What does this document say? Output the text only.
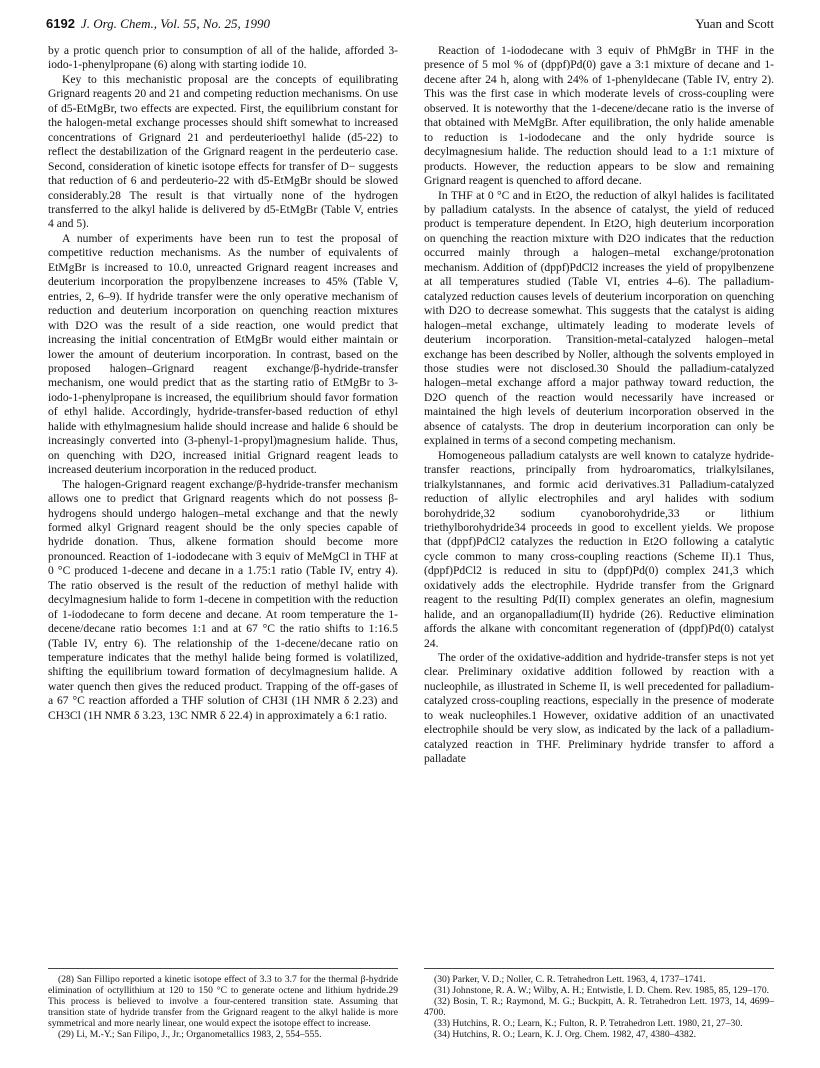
6192 J. Org. Chem., Vol. 55, No. 25, 1990	Yuan and Scott

by a protic quench prior to consumption of all of the halide, afforded 3-iodo-1-phenylpropane (6) along with starting iodide 10.

Key to this mechanistic proposal are the concepts of equilibrating Grignard reagents 20 and 21 and competing reduction mechanisms. On use of d5-EtMgBr, two effects are expected. First, the equilibrium constant for the halogen-metal exchange processes should shift somewhat to increased concentrations of Grignard 21 and perdeuterioethyl halide (d5-22) to reflect the destabilization of the Grignard reagent in the perdeuterio case. Second, consideration of kinetic isotope effects for transfer of D− suggests that reduction of 6 and perdeuterio-22 with d5-EtMgBr should be slowed considerably.28 The result is that virtually none of the hydrogen transferred to the alkyl halide is delivered by d5-EtMgBr (Table V, entries 4 and 5).

A number of experiments have been run to test the proposal of competitive reduction mechanisms. As the number of equivalents of EtMgBr is increased to 10.0, unreacted Grignard reagent increases and deuterium incorporation the propylbenzene increases to 45% (Table V, entries, 2, 6–9). If hydride transfer were the only operative mechanism of reduction and deuterium incorporation on quenching reaction mixtures with D2O was the result of a side reaction, one would predict that increasing the initial concentration of EtMgBr would either maintain or lower the amount of deuterium incorporation. In contrast, based on the proposed halogen–Grignard reagent exchange/β-hydride-transfer mechanism, one would predict that as the starting ratio of EtMgBr to 3-iodo-1-phenylpropane is increased, the equilibrium should favor formation of ethyl halide. Accordingly, hydride-transfer-based reduction of ethyl halide with ethylmagnesium halide should increase and halide 6 should be increasingly converted into (3-phenyl-1-propyl)magnesium halide. Thus, on quenching with D2O, increased initial Grignard reagent leads to increased deuterium incorporation in the reduced product.

The halogen-Grignard reagent exchange/β-hydride-transfer mechanism allows one to predict that Grignard reagents which do not possess β-hydrogens should undergo halogen–metal exchange and that the newly formed alkyl Grignard reagent should be the only species capable of hydride donation. Thus, alkene formation should become more pronounced. Reaction of 1-iododecane with 3 equiv of MeMgCl in THF at 0 °C produced 1-decene and decane in a 1.75:1 ratio (Table IV, entry 4). The ratio observed is the result of the reduction of methyl halide with decylmagnesium halide to form 1-decene in competition with the reduction of 1-iododecane to form decene and decane. At room temperature the 1-decene/decane ratio becomes 1:1 and at 67 °C the ratio shifts to 1:16.5 (Table IV, entry 6). The relationship of the 1-decene/decane ratio on temperature indicates that the methyl halide being formed is volatilized, shifting the equilibrium toward formation of decylmagnesium halide. A water quench then gives the reduced product. Trapping of the off-gases of a 67 °C reaction afforded a THF solution of CH3I (1H NMR δ 2.23) and CH3Cl (1H NMR δ 3.23, 13C NMR δ 22.4) in approximately a 6:1 ratio.

Reaction of 1-iododecane with 3 equiv of PhMgBr in THF in the presence of 5 mol % of (dppf)Pd(0) gave a 3:1 mixture of decane and 1-decene after 24 h, along with 24% of 1-phenyldecane (Table IV, entry 2). This was the first case in which moderate levels of cross-coupling were observed. It is noteworthy that the 1-decene/decane ratio is the inverse of that obtained with MeMgBr. After equilibration, the only halide amenable to reduction is 1-iododecane and the only hydride source is decylmagnesium halide. The reduction should lead to a 1:1 mixture of products. However, the reduction appears to be slow and remaining Grignard reagent is quenched to afford decane.

In THF at 0 °C and in Et2O, the reduction of alkyl halides is facilitated by palladium catalysts. In the absence of catalyst, the yield of reduced product is temperature dependent. In Et2O, high deuterium incorporation on quenching the reaction mixture with D2O indicates that the reduction occurred mainly through a halogen–metal exchange/protonation mechanism. Addition of (dppf)PdCl2 increases the yield of propylbenzene at all temperatures studied (Table VI, entries 4–6). The palladium-catalyzed reduction causes levels of deuterium incorporation on quenching with D2O to decrease somewhat. This suggests that the catalyst is aiding halogen–metal exchange, ultimately leading to moderate levels of deuterium incorporation. Transition-metal-catalyzed halogen–metal exchange has been described by Noller, although the solvents employed in those studies were not disclosed.30 Should the palladium-catalyzed halogen–metal exchange afford a major pathway toward reduction, the D2O quench of the reaction would necessarily have increased or maintained the high levels of deuterium incorporation observed in the absence of catalysts. The drop in deuterium incorporation can only be explained in terms of a second competing mechanism.

Homogeneous palladium catalysts are well known to catalyze hydride-transfer reactions, principally from hydroaromatics, trialkylsilanes, trialkylstannanes, and formic acid derivatives.31 Palladium-catalyzed reduction of allylic electrophiles and aryl halides with sodium borohydride,32 sodium cyanoborohydride,33 or lithium triethylborohydride34 proceeds in good to excellent yields. We propose that (dppf)PdCl2 catalyzes the reduction in Et2O following a catalytic cycle common to many cross-coupling reactions (Scheme II).1 Thus, (dppf)PdCl2 is reduced in situ to (dppf)Pd(0) complex 241,3 which oxidatively adds the electrophile. Hydride transfer from the Grignard reagent to the resulting Pd(II) complex generates an olefin, magnesium halide, and an organopalladium(II) hydride (26). Reductive elimination affords the alkane with concomitant regeneration of (dppf)Pd(0) catalyst 24.

The order of the oxidative-addition and hydride-transfer steps is not yet clear. Preliminary oxidative addition followed by reaction with a nucleophile, as illustrated in Scheme II, is well precedented for palladium-catalyzed cross-coupling reactions, especially in the presence of moderate to weak nucleophiles.1 However, oxidative addition of an unactivated electrophile should be very slow, as indicated by the lack of a palladium-catalyzed reaction in THF. Preliminary hydride transfer to afford a palladate

(28) San Fillipo reported a kinetic isotope effect of 3.3 to 3.7 for the thermal β-hydride elimination of octyllithium at 120 to 150 °C to generate octene and lithium hydride.29 This process is believed to involve a four-centered transition state. Assuming that transition state of hydride transfer from the Grignard reagent to the alkyl halide is more symmetrical and more nearly linear, one would expect the isotope effect to increase.
(29) Li, M.-Y.; San Filipo, J., Jr.; Organometallics 1983, 2, 554–555.
(30) Parker, V. D.; Noller, C. R. Tetrahedron Lett. 1963, 4, 1737–1741.
(31) Johnstone, R. A. W.; Wilby, A. H.; Entwistle, I. D. Chem. Rev. 1985, 85, 129–170.
(32) Bosin, T. R.; Raymond, M. G.; Buckpitt, A. R. Tetrahedron Lett. 1973, 14, 4699–4700.
(33) Hutchins, R. O.; Learn, K.; Fulton, R. P. Tetrahedron Lett. 1980, 21, 27–30.
(34) Hutchins, R. O.; Learn, K. J. Org. Chem. 1982, 47, 4380–4382.
